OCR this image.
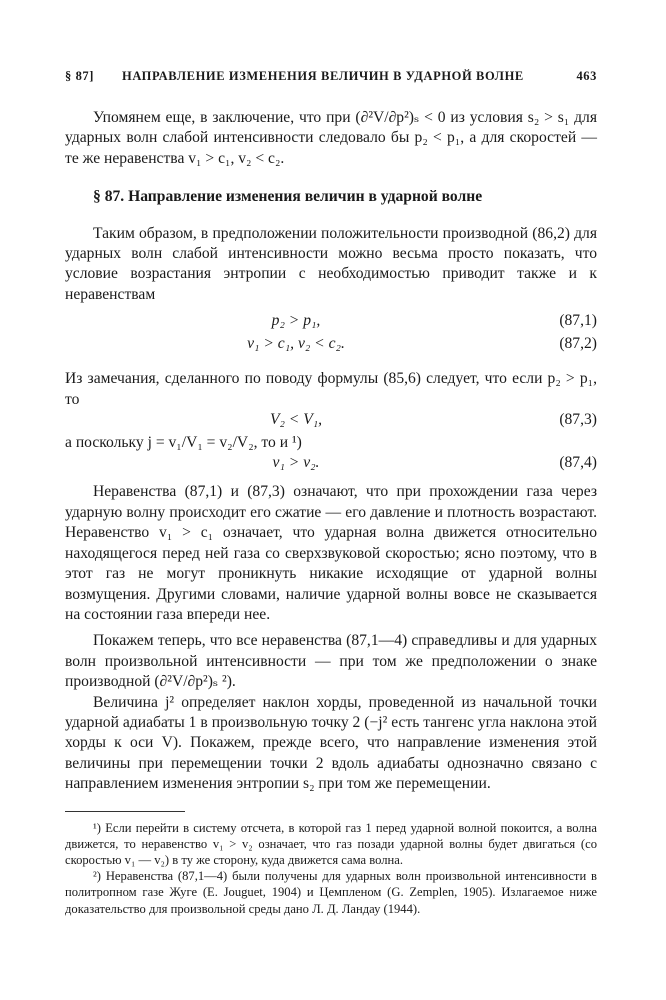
§ 87] НАПРАВЛЕНИЕ ИЗМЕНЕНИЯ ВЕЛИЧИН В УДАРНОЙ ВОЛНЕ	463

Упомянем еще, в заключение, что при (∂²V/∂p²)ₛ < 0 из условия s₂ > s₁ для ударных волн слабой интенсивности следовало бы p₂ < p₁, а для скоростей — те же неравенства v₁ > c₁, v₂ < c₂.

§ 87. Направление изменения величин в ударной волне

Таким образом, в предположении положительности производной (86,2) для ударных волн слабой интенсивности можно весьма просто показать, что условие возрастания энтропии с необходимостью приводит также и к неравенствам

p₂ > p₁,	(87,1)
v₁ > c₁, v₂ < c₂.	(87,2)

Из замечания, сделанного по поводу формулы (85,6) следует, что если p₂ > p₁, то

V₂ < V₁,	(87,3)

а поскольку j = v₁/V₁ = v₂/V₂, то и ¹)

v₁ > v₂.	(87,4)

Неравенства (87,1) и (87,3) означают, что при прохождении газа через ударную волну происходит его сжатие — его давление и плотность возрастают. Неравенство v₁ > c₁ означает, что ударная волна движется относительно находящегося перед ней газа со сверхзвуковой скоростью; ясно поэтому, что в этот газ не могут проникнуть никакие исходящие от ударной волны возмущения. Другими словами, наличие ударной волны вовсе не сказывается на состоянии газа впереди нее.

Покажем теперь, что все неравенства (87,1—4) справедливы и для ударных волн произвольной интенсивности — при том же предположении о знаке производной (∂²V/∂p²)ₛ ²).

Величина j² определяет наклон хорды, проведенной из начальной точки ударной адиабаты 1 в произвольную точку 2 (−j² есть тангенс угла наклона этой хорды к оси V). Покажем, прежде всего, что направление изменения этой величины при перемещении точки 2 вдоль адиабаты однозначно связано с направлением изменения энтропии s₂ при том же перемещении.

¹) Если перейти в систему отсчета, в которой газ 1 перед ударной волной покоится, а волна движется, то неравенство v₁ > v₂ означает, что газ позади ударной волны будет двигаться (со скоростью v₁ — v₂) в ту же сторону, куда движется сама волна.

²) Неравенства (87,1—4) были получены для ударных волн произвольной интенсивности в политропном газе Жуге (E. Jouguet, 1904) и Цемпленом (G. Zemplen, 1905). Излагаемое ниже доказательство для произвольной среды дано Л. Д. Ландау (1944).
